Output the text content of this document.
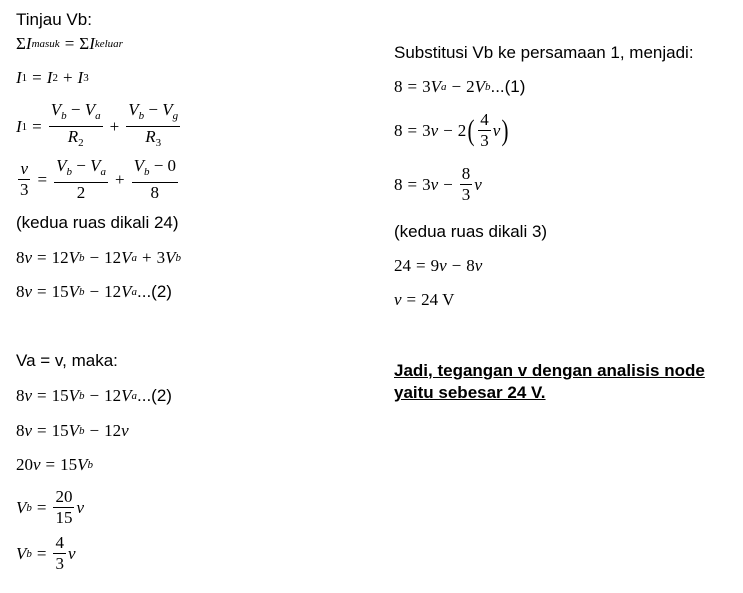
Tinjau Vb:
Σ I masuk = Σ I keluar
I 1 = I 2 + I 3
I $1 = \frac{V_b - V_a}{R_2} + \frac{V_b - V_g}{R_3}$
$\frac{v}{3} = \frac{V_b - V_a}{2} + \frac{V_b - 0}{8}$
(kedua ruas dikali 24)
8 v = 12 V b − 12 V a + 3 V b
8 v = 15 V b − 12 V a ...(2)
Va = v, maka:
8 v = 15 V b − 12 V a ...(2)
8 v = 15 V b − 12 v
20 v = 15 V b
V $b = \frac{20}{15}$ v
V $b = \frac{4}{3}$ v
Substitusi Vb ke persamaan 1, menjadi:
8 = 3 V a − 2 V b ...(1)
8 = 3 v − 2 ( $\frac{4}{3}$ v )
8 = 3 $v - \frac{8}{3}$ v
(kedua ruas dikali 3)
24 = 9 v − 8 v
v = 24 V
Jadi, tegangan v dengan analisis node yaitu sebesar 24 V.
